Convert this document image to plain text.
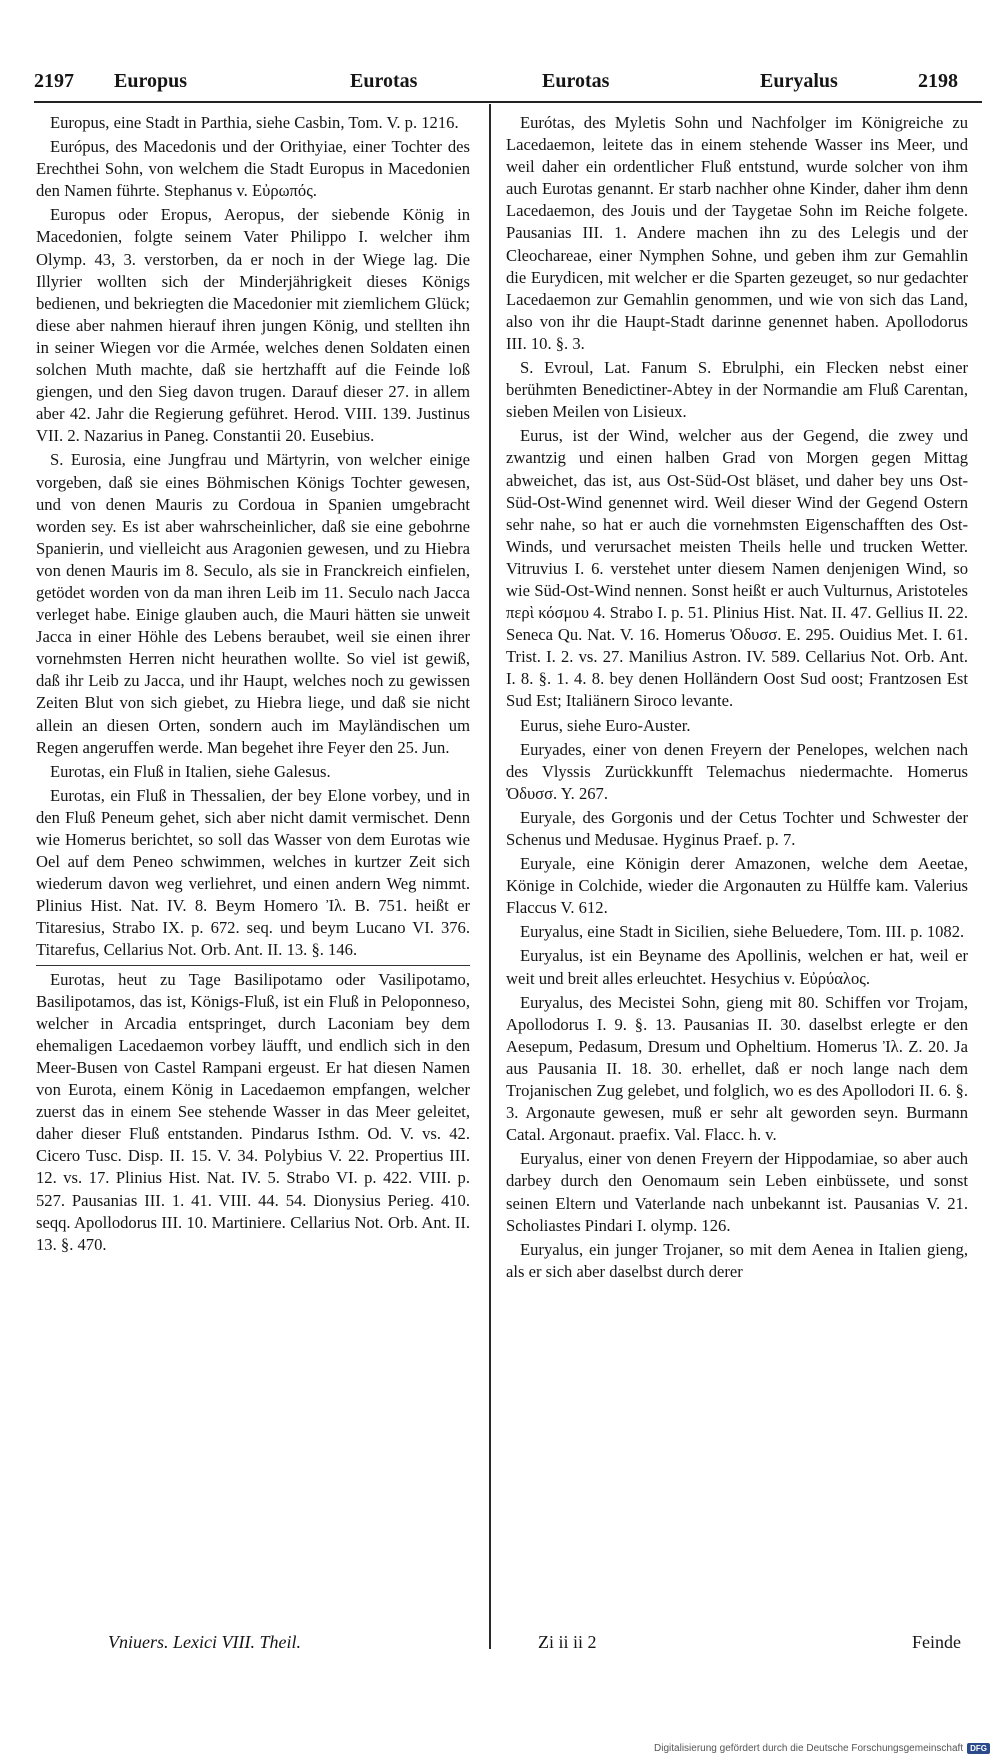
2197 Europus	Eurotas	Eurotas	Euryalus	2198

Europus, eine Stadt in Parthia, siehe Casbin, Tom. V. p. 1216.

Európus, des Macedonis und der Orithyiae, einer Tochter des Erechthei Sohn, von welchem die Stadt Europus in Macedonien den Namen führte. Stephanus v. Εὐρωπός.

Europus oder Eropus, Aeropus, der siebende König in Macedonien, folgte seinem Vater Philippo I. welcher ihm Olymp. 43, 3. verstorben, da er noch in der Wiege lag. Die Illyrier wollten sich der Minderjährigkeit dieses Königs bedienen, und bekriegten die Macedonier mit ziemlichem Glück; diese aber nahmen hierauf ihren jungen König, und stellten ihn in seiner Wiegen vor die Armée, welches denen Soldaten einen solchen Muth machte, daß sie hertzhafft auf die Feinde loß giengen, und den Sieg davon trugen. Darauf dieser 27. in allem aber 42. Jahr die Regierung geführet. Herod. VIII. 139. Justinus VII. 2. Nazarius in Paneg. Constantii 20. Eusebius.

S. Eurosia, eine Jungfrau und Märtyrin, von welcher einige vorgeben, daß sie eines Böhmischen Königs Tochter gewesen, und von denen Mauris zu Cordoua in Spanien umgebracht worden sey. Es ist aber wahrscheinlicher, daß sie eine gebohrne Spanierin, und vielleicht aus Aragonien gewesen, und zu Hiebra von denen Mauris im 8. Seculo, als sie in Franckreich einfielen, getödet worden von da man ihren Leib im 11. Seculo nach Jacca verleget habe. Einige glauben auch, die Mauri hätten sie unweit Jacca in einer Höhle des Lebens beraubet, weil sie einen ihrer vornehmsten Herren nicht heurathen wollte. So viel ist gewiß, daß ihr Leib zu Jacca, und ihr Haupt, welches noch zu gewissen Zeiten Blut von sich giebet, zu Hiebra liege, und daß sie nicht allein an diesen Orten, sondern auch im Mayländischen um Regen angeruffen werde. Man begehet ihre Feyer den 25. Jun.

Eurotas, ein Fluß in Italien, siehe Galesus.

Eurotas, ein Fluß in Thessalien, der bey Elone vorbey, und in den Fluß Peneum gehet, sich aber nicht damit vermischet. Denn wie Homerus berichtet, so soll das Wasser von dem Eurotas wie Oel auf dem Peneo schwimmen, welches in kurtzer Zeit sich wiederum davon weg verliehret, und einen andern Weg nimmt. Plinius Hist. Nat. IV. 8. Beym Homero Ἰλ. Β. 751. heißt er Titaresius, Strabo IX. p. 672. seq. und beym Lucano VI. 376. Titarefus, Cellarius Not. Orb. Ant. II. 13. §. 146.

Eurotas, heut zu Tage Basilipotamo oder Vasilipotamo, Basilipotamos, das ist, Königs-Fluß, ist ein Fluß in Peloponneso, welcher in Arcadia entspringet, durch Laconiam bey dem ehemaligen Lacedaemon vorbey läufft, und endlich sich in den Meer-Busen von Castel Rampani ergeust. Er hat diesen Namen von Eurota, einem König in Lacedaemon empfangen, welcher zuerst das in einem See stehende Wasser in das Meer geleitet, daher dieser Fluß entstanden. Pindarus Isthm. Od. V. vs. 42. Cicero Tusc. Disp. II. 15. V. 34. Polybius V. 22. Propertius III. 12. vs. 17. Plinius Hist. Nat. IV. 5. Strabo VI. p. 422. VIII. p. 527. Pausanias III. 1. 41. VIII. 44. 54. Dionysius Perieg. 410. seqq. Apollodorus III. 10. Martiniere. Cellarius Not. Orb. Ant. II. 13. §. 470.

Eurótas, des Myletis Sohn und Nachfolger im Königreiche zu Lacedaemon, leitete das in einem stehende Wasser ins Meer, und weil daher ein ordentlicher Fluß entstund, wurde solcher von ihm auch Eurotas genannt. Er starb nachher ohne Kinder, daher ihm denn Lacedaemon, des Jouis und der Taygetae Sohn im Reiche folgete. Pausanias III. 1. Andere machen ihn zu des Lelegis und der Cleochareae, einer Nymphen Sohne, und geben ihm zur Gemahlin die Eurydicen, mit welcher er die Sparten gezeuget, so nur gedachter Lacedaemon zur Gemahlin genommen, und wie von sich das Land, also von ihr die Haupt-Stadt darinne genennet haben. Apollodorus III. 10. §. 3.

S. Evroul, Lat. Fanum S. Ebrulphi, ein Flecken nebst einer berühmten Benedictiner-Abtey in der Normandie am Fluß Carentan, sieben Meilen von Lisieux.

Eurus, ist der Wind, welcher aus der Gegend, die zwey und zwantzig und einen halben Grad von Morgen gegen Mittag abweichet, das ist, aus Ost-Süd-Ost bläset, und daher bey uns Ost-Süd-Ost-Wind genennet wird. Weil dieser Wind der Gegend Ostern sehr nahe, so hat er auch die vornehmsten Eigenschafften des Ost-Winds, und verursachet meisten Theils helle und trucken Wetter. Vitruvius I. 6. verstehet unter diesem Namen denjenigen Wind, so wie Süd-Ost-Wind nennen. Sonst heißt er auch Vulturnus, Aristoteles περὶ κόσμου 4. Strabo I. p. 51. Plinius Hist. Nat. II. 47. Gellius II. 22. Seneca Qu. Nat. V. 16. Homerus Ὀδυσσ. Ε. 295. Ouidius Met. I. 61. Trist. I. 2. vs. 27. Manilius Astron. IV. 589. Cellarius Not. Orb. Ant. I. 8. §. 1. 4. 8. bey denen Holländern Oost Sud oost; Frantzosen Est Sud Est; Italiänern Siroco levante.

Eurus, siehe Euro-Auster.

Euryades, einer von denen Freyern der Penelopes, welchen nach des Vlyssis Zurückkunfft Telemachus niedermachte. Homerus Ὀδυσσ. Υ. 267.

Euryale, des Gorgonis und der Cetus Tochter und Schwester der Schenus und Medusae. Hyginus Praef. p. 7.

Euryale, eine Königin derer Amazonen, welche dem Aeetae, Könige in Colchide, wieder die Argonauten zu Hülffe kam. Valerius Flaccus V. 612.

Euryalus, eine Stadt in Sicilien, siehe Beluedere, Tom. III. p. 1082.

Euryalus, ist ein Beyname des Apollinis, welchen er hat, weil er weit und breit alles erleuchtet. Hesychius v. Εὐρύαλος.

Euryalus, des Mecistei Sohn, gieng mit 80. Schiffen vor Trojam, Apollodorus I. 9. §. 13. Pausanias II. 30. daselbst erlegte er den Aesepum, Pedasum, Dresum und Opheltium. Homerus Ἰλ. Ζ. 20. Ja aus Pausania II. 18. 30. erhellet, daß er noch lange nach dem Trojanischen Zug gelebet, und folglich, wo es des Apollodori II. 6. §. 3. Argonaute gewesen, muß er sehr alt geworden seyn. Burmann Catal. Argonaut. praefix. Val. Flacc. h. v.

Euryalus, einer von denen Freyern der Hippodamiae, so aber auch darbey durch den Oenomaum sein Leben einbüssete, und sonst seinen Eltern und Vaterlande nach unbekannt ist. Pausanias V. 21. Scholiastes Pindari I. olymp. 126.

Euryalus, ein junger Trojaner, so mit dem Aenea in Italien gieng, als er sich aber daselbst durch derer

Vniuers. Lexici VIII. Theil.	Zi ii ii 2	Feinde
Digitalisierung gefördert durch die Deutsche Forschungsgemeinschaft DFG
